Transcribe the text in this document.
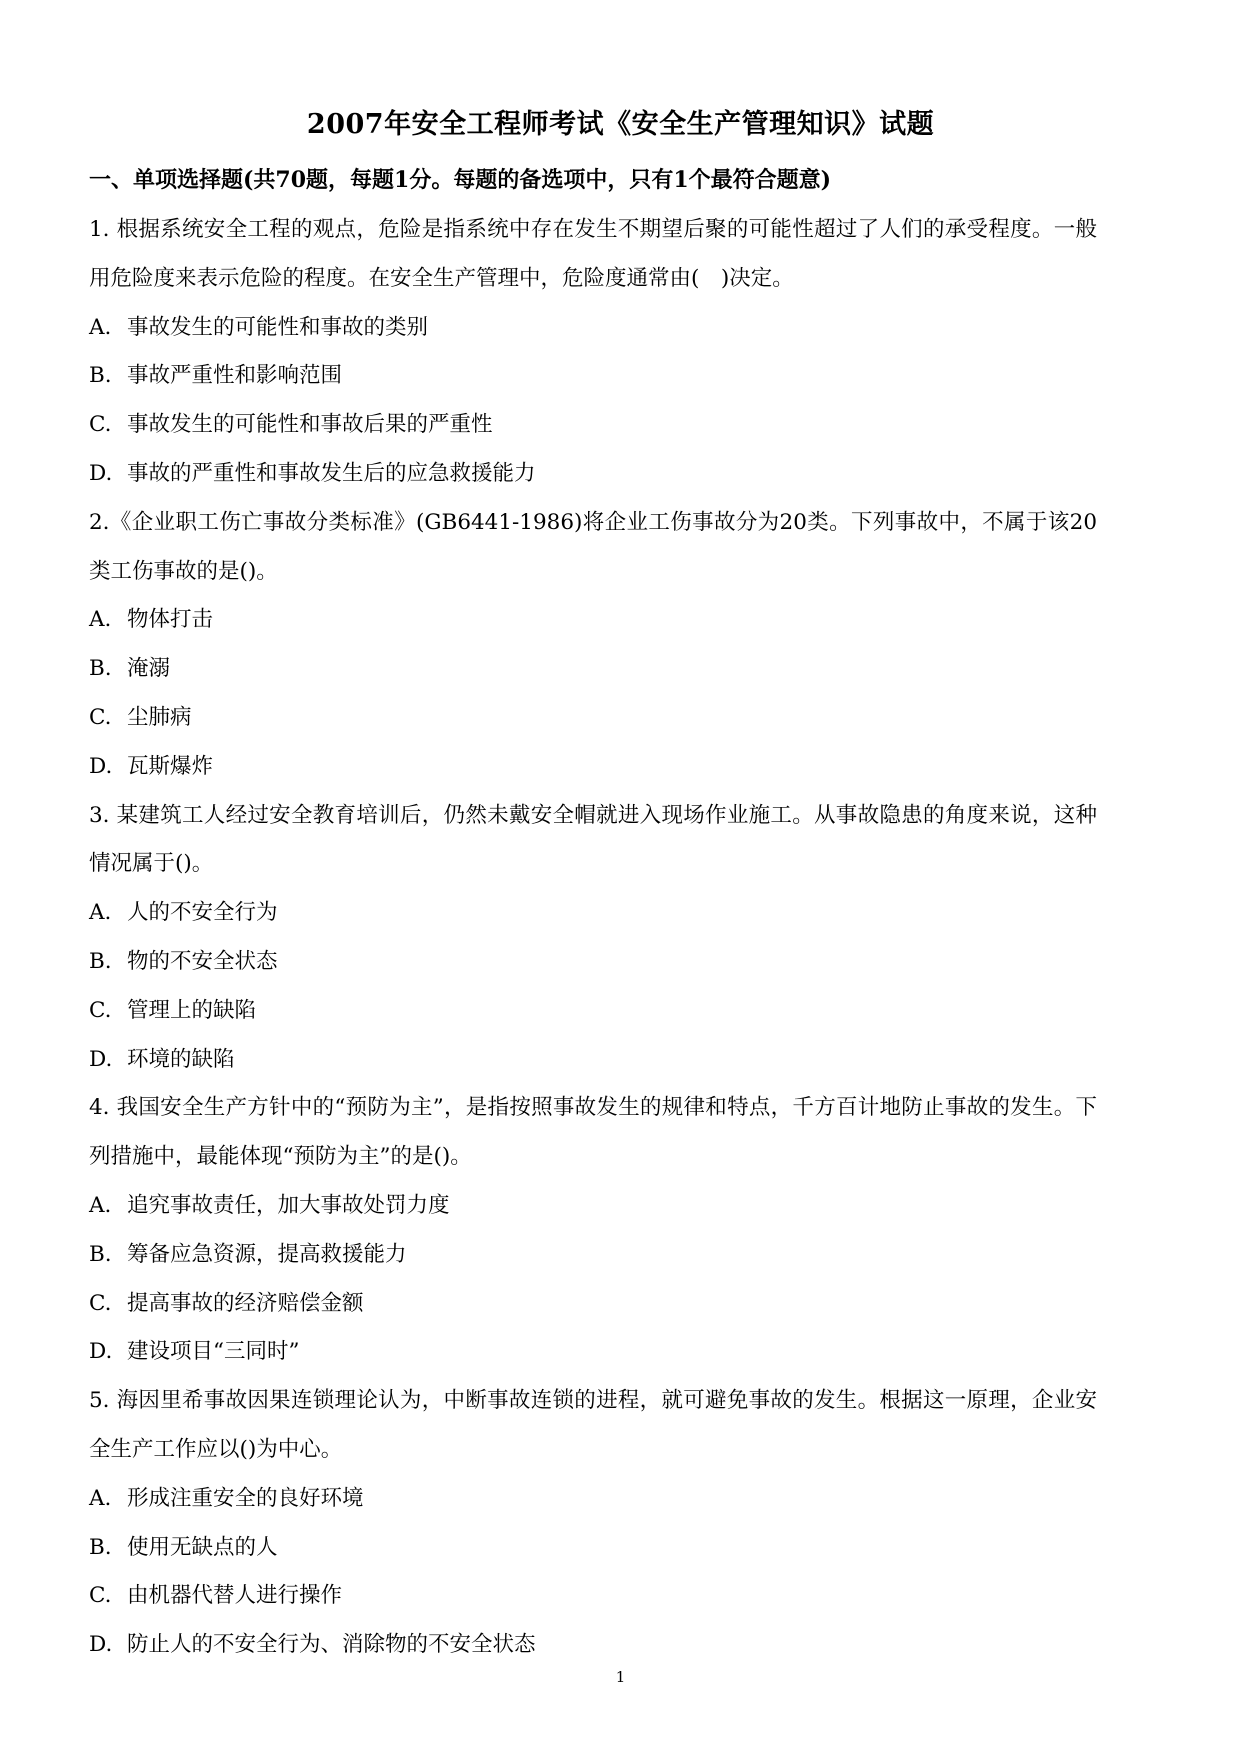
2007年安全工程师考试《安全生产管理知识》试题
一、单项选择题(共70题，每题1分。每题的备选项中，只有1个最符合题意)

1. 根据系统安全工程的观点，危险是指系统中存在发生不期望后聚的可能性超过了人们的承受程度。一般用危险度来表示危险的程度。在安全生产管理中，危险度通常由(　)决定。

A. 事故发生的可能性和事故的类别

B. 事故严重性和影响范围

C. 事故发生的可能性和事故后果的严重性

D. 事故的严重性和事故发生后的应急救援能力

2.《企业职工伤亡事故分类标准》(GB6441-1986)将企业工伤事故分为20类。下列事故中，不属于该20类工伤事故的是()。

A. 物体打击

B. 淹溺

C. 尘肺病

D. 瓦斯爆炸

3. 某建筑工人经过安全教育培训后，仍然未戴安全帽就进入现场作业施工。从事故隐患的角度来说，这种情况属于()。

A. 人的不安全行为

B. 物的不安全状态

C. 管理上的缺陷

D. 环境的缺陷

4. 我国安全生产方针中的“预防为主”，是指按照事故发生的规律和特点，千方百计地防止事故的发生。下列措施中，最能体现“预防为主”的是()。

A. 追究事故责任，加大事故处罚力度

B. 筹备应急资源，提高救援能力

C. 提高事故的经济赔偿金额

D. 建设项目“三同时”

5. 海因里希事故因果连锁理论认为，中断事故连锁的进程，就可避免事故的发生。根据这一原理，企业安全生产工作应以()为中心。

A. 形成注重安全的良好环境

B. 使用无缺点的人

C. 由机器代替人进行操作

D. 防止人的不安全行为、消除物的不安全状态

1
